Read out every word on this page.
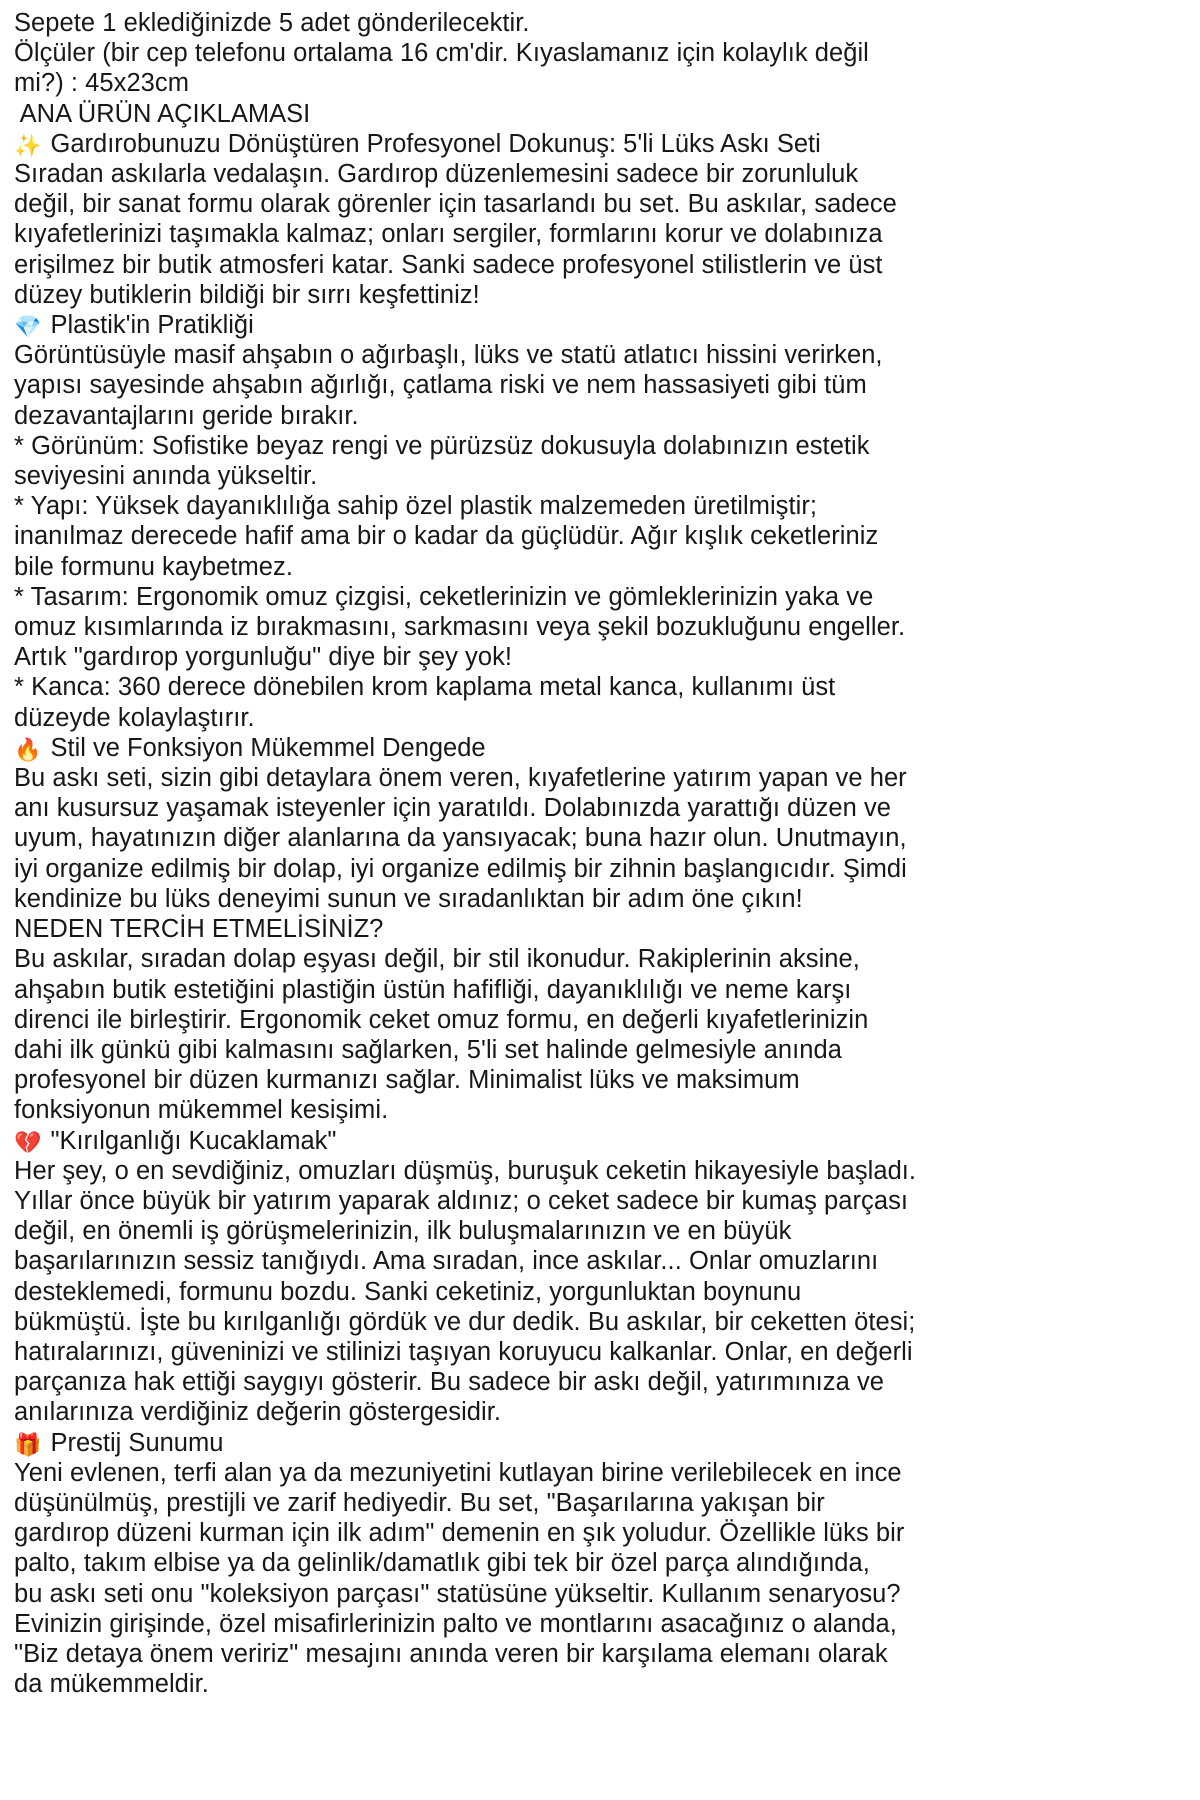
Sepete 1 eklediğinizde 5 adet gönderilecektir.
Ölçüler (bir cep telefonu ortalama 16 cm'dir. Kıyaslamanız için kolaylık değil
mi?) : 45x23cm
ANA ÜRÜN AÇIKLAMASI
✨ Gardırobunuzu Dönüştüren Profesyonel Dokunuş: 5'li Lüks Askı Seti
Sıradan askılarla vedalaşın. Gardırop düzenlemesini sadece bir zorunluluk
değil, bir sanat formu olarak görenler için tasarlandı bu set. Bu askılar, sadece
kıyafetlerinizi taşımakla kalmaz; onları sergiler, formlarını korur ve dolabınıza
erişilmez bir butik atmosferi katar. Sanki sadece profesyonel stilistlerin ve üst
düzey butiklerin bildiği bir sırrı keşfettiniz!
💎 Plastik'in Pratikliği
Görüntüsüyle masif ahşabın o ağırbaşlı, lüks ve statü atlatıcı hissini verirken,
yapısı sayesinde ahşabın ağırlığı, çatlama riski ve nem hassasiyeti gibi tüm
dezavantajlarını geride bırakır.
* Görünüm: Sofistike beyaz rengi ve pürüzsüz dokusuyla dolabınızın estetik
seviyesini anında yükseltir.
* Yapı: Yüksek dayanıklılığa sahip özel plastik malzemeden üretilmiştir;
inanılmaz derecede hafif ama bir o kadar da güçlüdür. Ağır kışlık ceketleriniz
bile formunu kaybetmez.
* Tasarım: Ergonomik omuz çizgisi, ceketlerinizin ve gömleklerinizin yaka ve
omuz kısımlarında iz bırakmasını, sarkmasını veya şekil bozukluğunu engeller.
Artık "gardırop yorgunluğu" diye bir şey yok!
* Kanca: 360 derece dönebilen krom kaplama metal kanca, kullanımı üst
düzeyde kolaylaştırır.
🔥 Stil ve Fonksiyon Mükemmel Dengede
Bu askı seti, sizin gibi detaylara önem veren, kıyafetlerine yatırım yapan ve her
anı kusursuz yaşamak isteyenler için yaratıldı. Dolabınızda yarattığı düzen ve
uyum, hayatınızın diğer alanlarına da yansıyacak; buna hazır olun. Unutmayın,
iyi organize edilmiş bir dolap, iyi organize edilmiş bir zihnin başlangıcıdır. Şimdi
kendinize bu lüks deneyimi sunun ve sıradanlıktan bir adım öne çıkın!
NEDEN TERCİH ETMELİSİNİZ?
Bu askılar, sıradan dolap eşyası değil, bir stil ikonudur. Rakiplerinin aksine,
ahşabın butik estetiğini plastiğin üstün hafifliği, dayanıklılığı ve neme karşı
direnci ile birleştirir. Ergonomik ceket omuz formu, en değerli kıyafetlerinizin
dahi ilk günkü gibi kalmasını sağlarken, 5'li set halinde gelmesiyle anında
profesyonel bir düzen kurmanızı sağlar. Minimalist lüks ve maksimum
fonksiyonun mükemmel kesişimi.
💔 "Kırılganlığı Kucaklamak"
Her şey, o en sevdiğiniz, omuzları düşmüş, buruşuk ceketin hikayesiyle başladı.
Yıllar önce büyük bir yatırım yaparak aldınız; o ceket sadece bir kumaş parçası
değil, en önemli iş görüşmelerinizin, ilk buluşmalarınızın ve en büyük
başarılarınızın sessiz tanığıydı. Ama sıradan, ince askılar... Onlar omuzlarını
desteklemedi, formunu bozdu. Sanki ceketiniz, yorgunluktan boynunu
bükmüştü. İşte bu kırılganlığı gördük ve dur dedik. Bu askılar, bir ceketten ötesi;
hatıralarınızı, güveninizi ve stilinizi taşıyan koruyucu kalkanlar. Onlar, en değerli
parçanıza hak ettiği saygıyı gösterir. Bu sadece bir askı değil, yatırımınıza ve
anılarınıza verdiğiniz değerin göstergesidir.
🎁 Prestij Sunumu
Yeni evlenen, terfi alan ya da mezuniyetini kutlayan birine verilebilecek en ince
düşünülmüş, prestijli ve zarif hediyedir. Bu set, "Başarılarına yakışan bir
gardırop düzeni kurman için ilk adım" demenin en şık yoludur. Özellikle lüks bir
palto, takım elbise ya da gelinlik/damatlık gibi tek bir özel parça alındığında,
bu askı seti onu "koleksiyon parçası" statüsüne yükseltir. Kullanım senaryosu?
Evinizin girişinde, özel misafirlerinizin palto ve montlarını asacağınız o alanda,
"Biz detaya önem veririz" mesajını anında veren bir karşılama elemanı olarak
da mükemmeldir.
